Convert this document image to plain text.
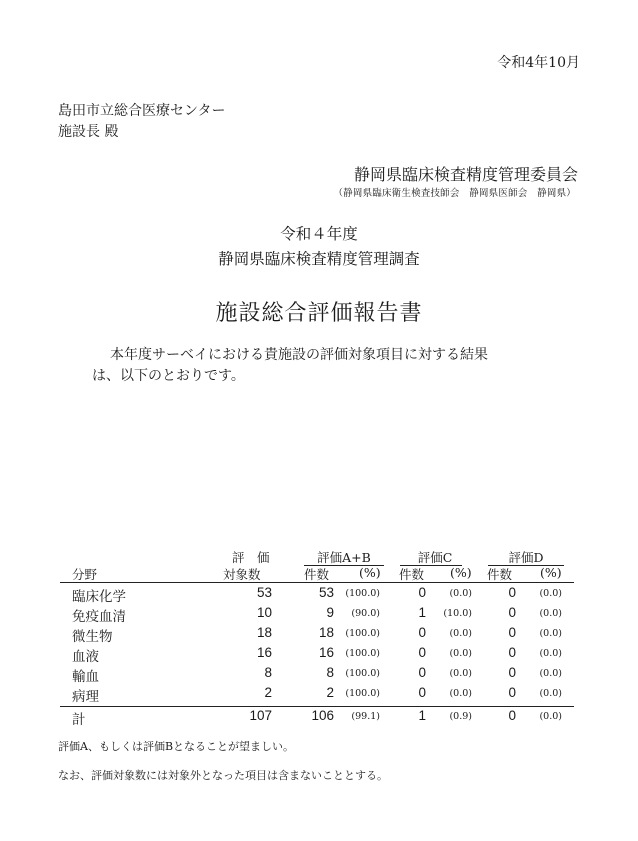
令和4年10月
島田市立総合医療センター
施設長 殿
静岡県臨床検査精度管理委員会
（静岡県臨床衛生検査技師会　静岡県医師会　静岡県）
令和４年度
静岡県臨床検査精度管理調査
施設総合評価報告書
本年度サーベイにおける貴施設の評価対象項目に対する結果
は、以下のとおりです。
評　価
対象数
分野
評価A+B	評価C	評価D
件数 (%) 件数 (%) 件数 (%)
臨床化学	53	53	(100.0)	0	(0.0)	0	(0.0)
免疫血清	10	9	(90.0)	1	(10.0)	0	(0.0)
微生物	18	18	(100.0)	0	(0.0)	0	(0.0)
血液	16	16	(100.0)	0	(0.0)	0	(0.0)
輸血	8	8	(100.0)	0	(0.0)	0	(0.0)
病理	2	2	(100.0)	0	(0.0)	0	(0.0)
計	107	106	(99.1)	1	(0.9)	0	(0.0)
評価A、もしくは評価Bとなることが望ましい。
なお、評価対象数には対象外となった項目は含まないこととする。
